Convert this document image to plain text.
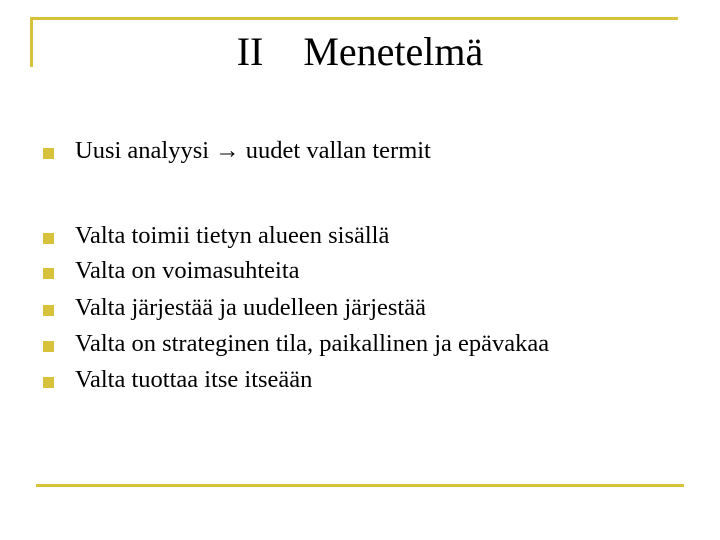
II    Menetelmä
Uusi analyysi → uudet vallan termit
Valta toimii tietyn alueen sisällä
Valta on voimasuhteita
Valta järjestää ja uudelleen järjestää
Valta on strateginen tila, paikallinen ja epävakaa
Valta tuottaa itse itseään
